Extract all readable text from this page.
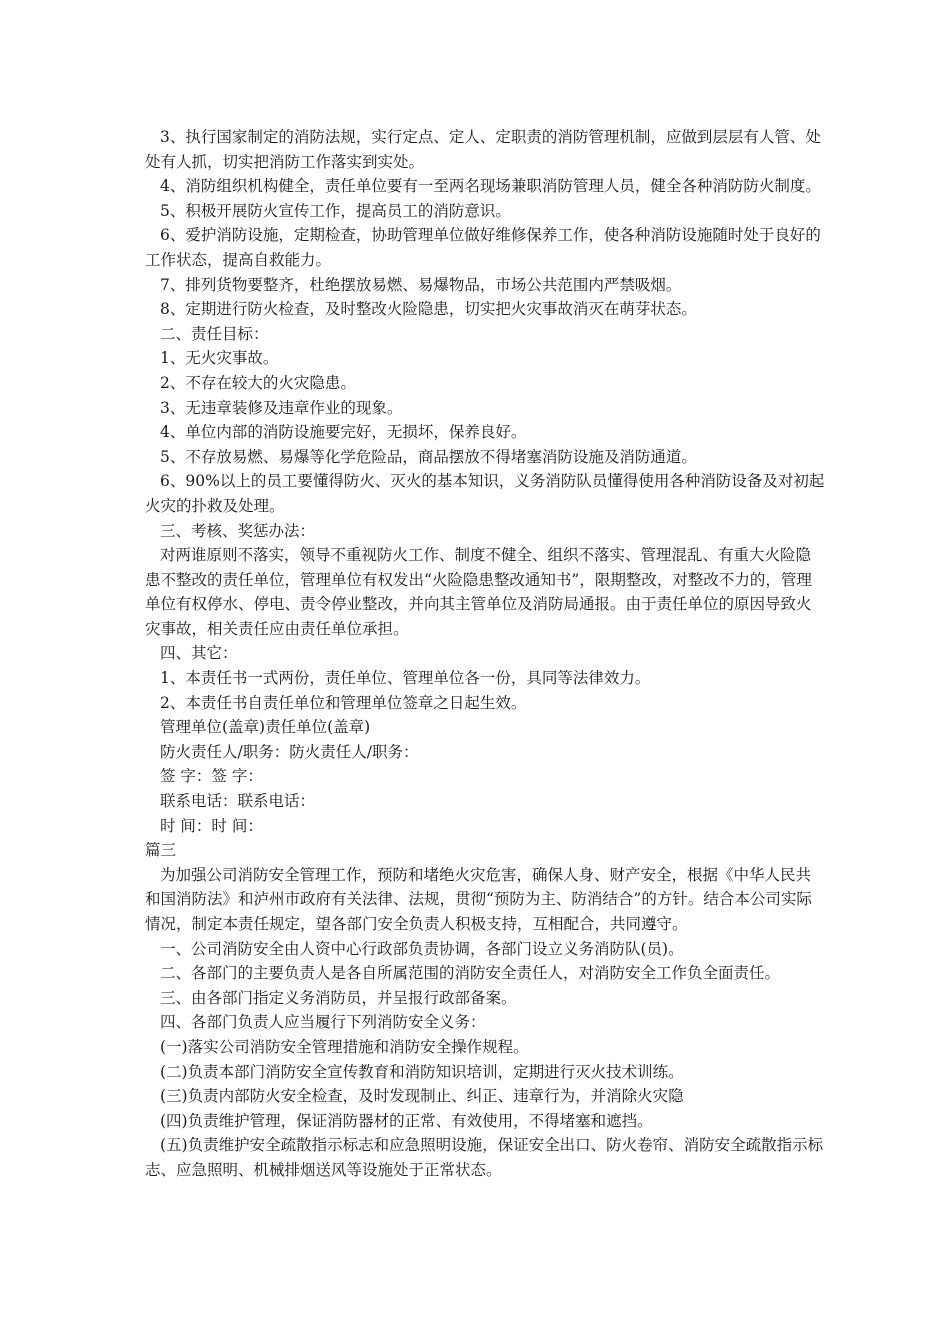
3、执行国家制定的消防法规，实行定点、定人、定职责的消防管理机制，应做到层层有人管、处处有人抓，切实把消防工作落实到实处。

4、消防组织机构健全，责任单位要有一至两名现场兼职消防管理人员，健全各种消防防火制度。

5、积极开展防火宣传工作，提高员工的消防意识。

6、爱护消防设施，定期检查，协助管理单位做好维修保养工作，使各种消防设施随时处于良好的工作状态，提高自救能力。

7、排列货物要整齐，杜绝摆放易燃、易爆物品，市场公共范围内严禁吸烟。

8、定期进行防火检查，及时整改火险隐患，切实把火灾事故消灭在萌芽状态。

二、责任目标：

1、无火灾事故。

2、不存在较大的火灾隐患。

3、无违章装修及违章作业的现象。

4、单位内部的消防设施要完好，无损坏，保养良好。

5、不存放易燃、易爆等化学危险品，商品摆放不得堵塞消防设施及消防通道。

6、90%以上的员工要懂得防火、灭火的基本知识，义务消防队员懂得使用各种消防设备及对初起火灾的扑救及处理。

三、考核、奖惩办法：

对两谁原则不落实，领导不重视防火工作、制度不健全、组织不落实、管理混乱、有重大火险隐患不整改的责任单位，管理单位有权发出“火险隐患整改通知书”，限期整改，对整改不力的，管理单位有权停水、停电、责令停业整改，并向其主管单位及消防局通报。由于责任单位的原因导致火灾事故，相关责任应由责任单位承担。

四、其它：

1、本责任书一式两份，责任单位、管理单位各一份，具同等法律效力。

2、本责任书自责任单位和管理单位签章之日起生效。

管理单位(盖章)责任单位(盖章)

防火责任人/职务：防火责任人/职务：

签 字：签 字：

联系电话：联系电话：

时 间：时 间：

篇三

为加强公司消防安全管理工作，预防和堵绝火灾危害，确保人身、财产安全，根据《中华人民共和国消防法》和泸州市政府有关法律、法规，贯彻“预防为主、防消结合”的方针。结合本公司实际情况，制定本责任规定，望各部门安全负责人积极支持，互相配合，共同遵守。

一、公司消防安全由人资中心行政部负责协调，各部门设立义务消防队(员)。

二、各部门的主要负责人是各自所属范围的消防安全责任人，对消防安全工作负全面责任。

三、由各部门指定义务消防员，并呈报行政部备案。

四、各部门负责人应当履行下列消防安全义务：

(一)落实公司消防安全管理措施和消防安全操作规程。

(二)负责本部门消防安全宣传教育和消防知识培训，定期进行灭火技术训练。

(三)负责内部防火安全检查，及时发现制止、纠正、违章行为，并消除火灾隐

(四)负责维护管理，保证消防器材的正常、有效使用，不得堵塞和遮挡。

(五)负责维护安全疏散指示标志和应急照明设施，保证安全出口、防火卷帘、消防安全疏散指示标志、应急照明、机械排烟送风等设施处于正常状态。
